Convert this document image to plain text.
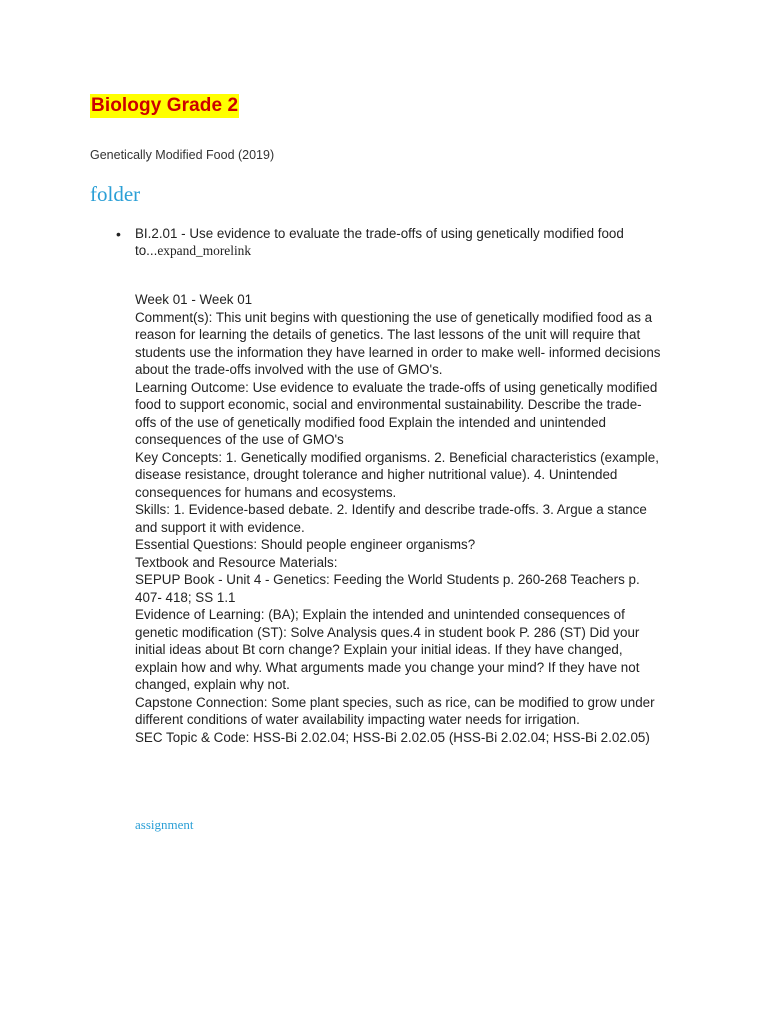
Biology Grade 2
Genetically Modified Food (2019)
folder
• BI.2.01 - Use evidence to evaluate the trade-offs of using genetically modified food
to...expand_morelink
Week 01 - Week 01
Comment(s): This unit begins with questioning the use of genetically modified food as a
reason for learning the details of genetics. The last lessons of the unit will require that
students use the information they have learned in order to make well- informed decisions
about the trade-offs involved with the use of GMO's.
Learning Outcome: Use evidence to evaluate the trade-offs of using genetically modified
food to support economic, social and environmental sustainability. Describe the trade-
offs of the use of genetically modified food Explain the intended and unintended
consequences of the use of GMO's
Key Concepts: 1. Genetically modified organisms. 2. Beneficial characteristics (example,
disease resistance, drought tolerance and higher nutritional value). 4. Unintended
consequences for humans and ecosystems.
Skills: 1. Evidence-based debate. 2. Identify and describe trade-offs. 3. Argue a stance
and support it with evidence.
Essential Questions: Should people engineer organisms?
Textbook and Resource Materials:
SEPUP Book - Unit 4 - Genetics: Feeding the World Students p. 260-268 Teachers p.
407- 418; SS 1.1
Evidence of Learning: (BA); Explain the intended and unintended consequences of
genetic modification (ST): Solve Analysis ques.4 in student book P. 286 (ST) Did your
initial ideas about Bt corn change? Explain your initial ideas. If they have changed,
explain how and why. What arguments made you change your mind? If they have not
changed, explain why not.
Capstone Connection: Some plant species, such as rice, can be modified to grow under
different conditions of water availability impacting water needs for irrigation.
SEC Topic & Code: HSS-Bi 2.02.04; HSS-Bi 2.02.05 (HSS-Bi 2.02.04; HSS-Bi 2.02.05)
assignment
